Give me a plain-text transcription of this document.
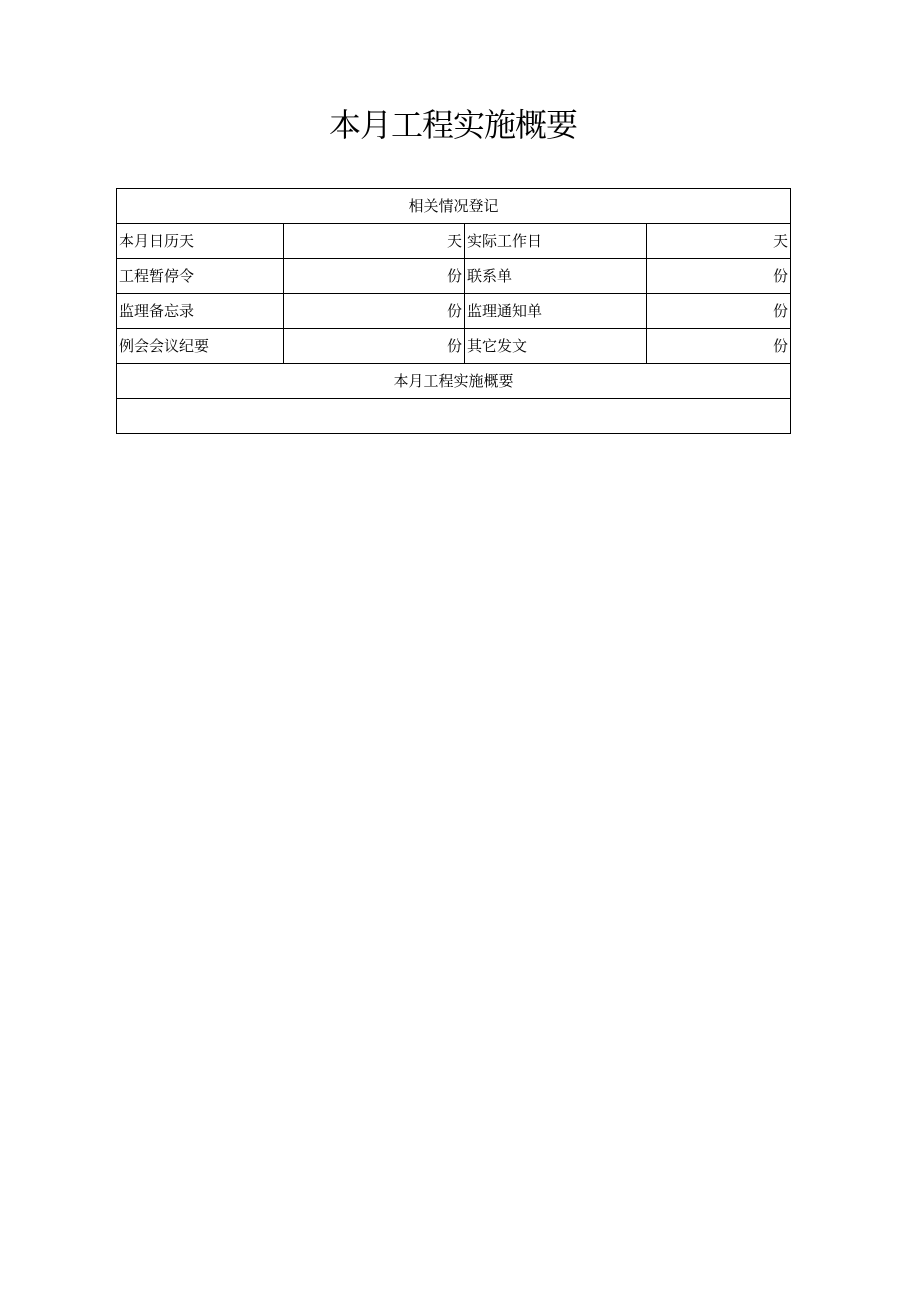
本月工程实施概要
相关情况登记			
本月日历天	天	实际工作日	天
工程暂停令	份	联系单	份
监理备忘录	份	监理通知单	份
例会会议纪要	份	其它发文	份
本月工程实施概要			
